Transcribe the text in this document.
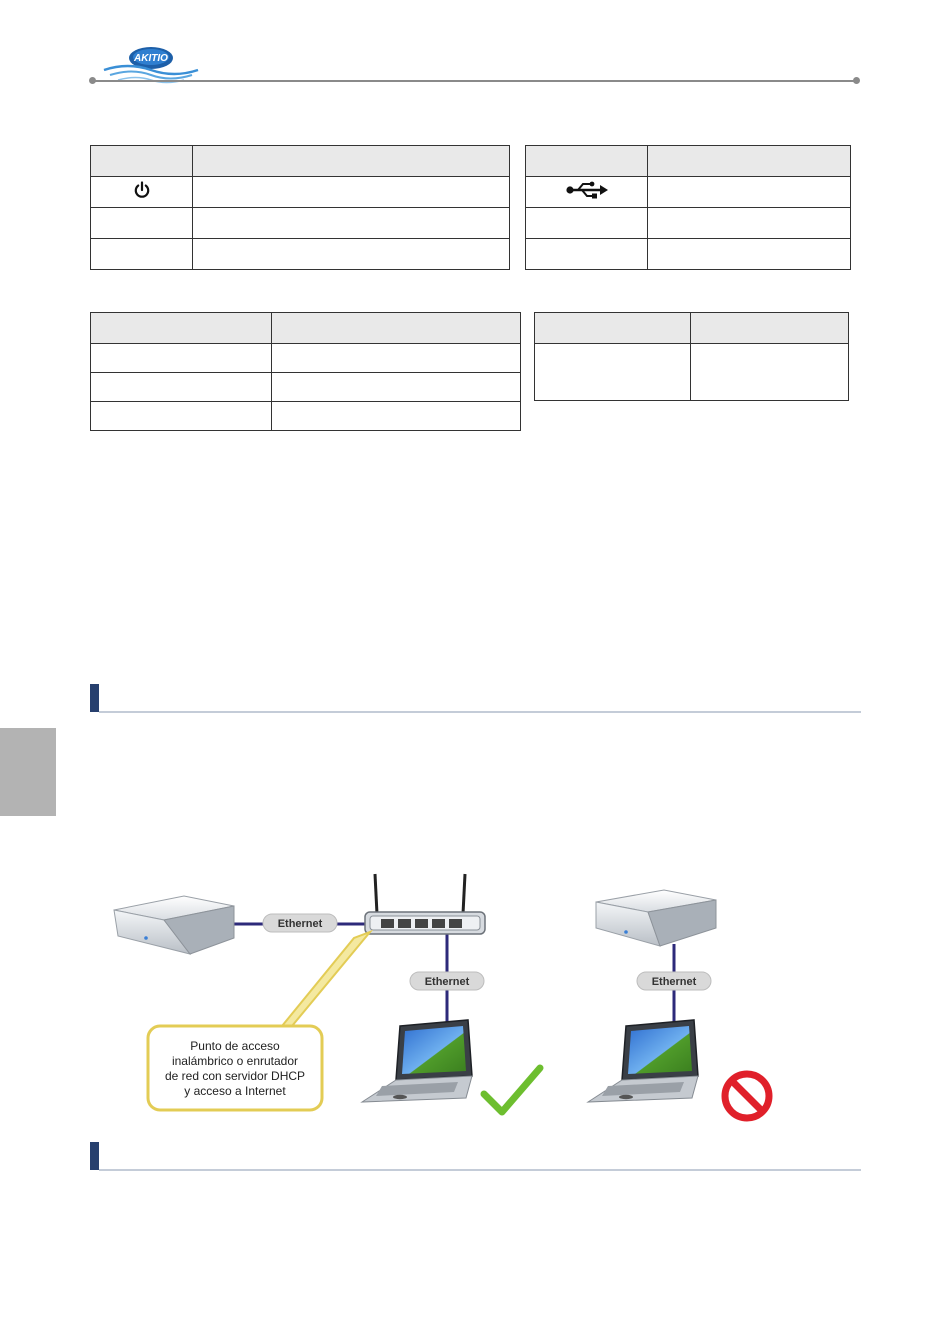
AKITIO

Ethernet
Ethernet	Ethernet
Punto de acceso
inalámbrico o enrutador
de red con servidor DHCP
y acceso a Internet
